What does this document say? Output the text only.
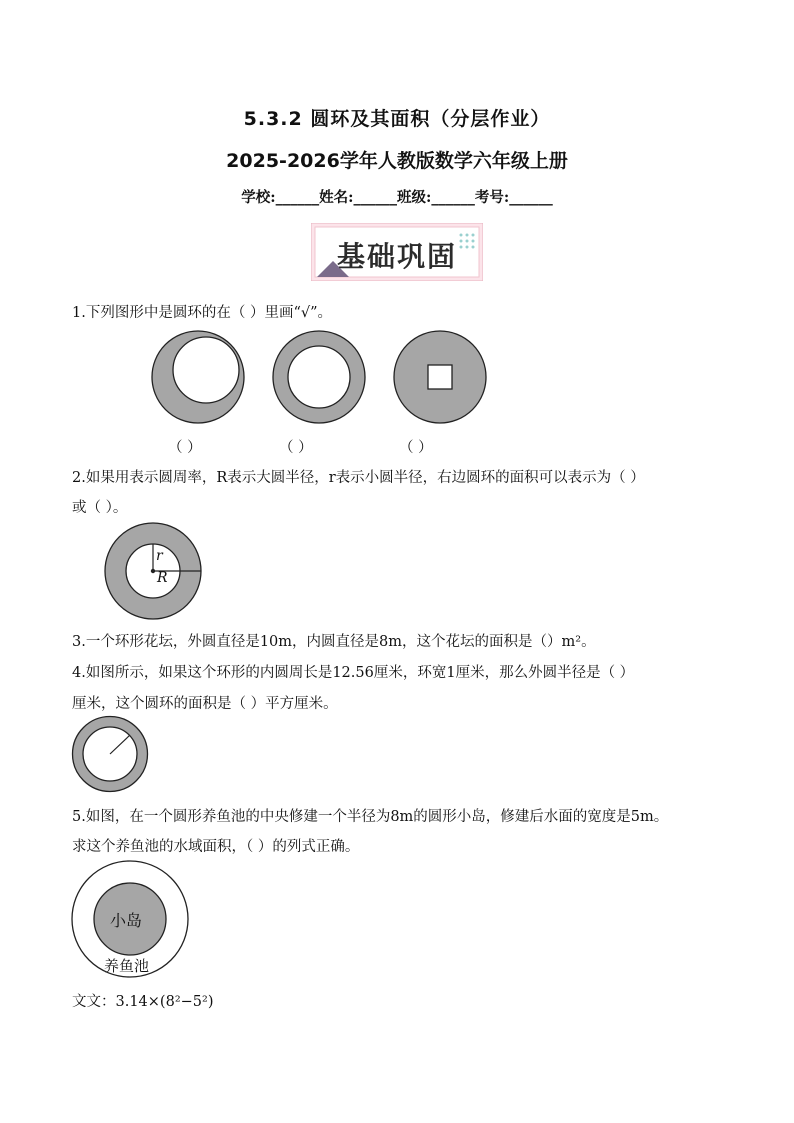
5.3.2 圆环及其面积（分层作业）
2025-2026学年人教版数学六年级上册
学校:______姓名:______班级:______考号:______
基础巩固
1.下列图形中是圆环的在（ ）里画“√”。
（ ）	（ ）	（ ）
2.如果用表示圆周率，R表示大圆半径，r表示小圆半径，右边圆环的面积可以表示为（ ）
或（ ）。
r
R
3.一个环形花坛，外圆直径是10m，内圆直径是8m，这个花坛的面积是（）m²。
4.如图所示，如果这个环形的内圆周长是12.56厘米，环宽1厘米，那么外圆半径是（ ）
厘米，这个圆环的面积是（ ）平方厘米。
5.如图，在一个圆形养鱼池的中央修建一个半径为8m的圆形小岛，修建后水面的宽度是5m。
求这个养鱼池的水域面积，（ ）的列式正确。
小岛
养鱼池
文文：3.14×(8²−5²)
